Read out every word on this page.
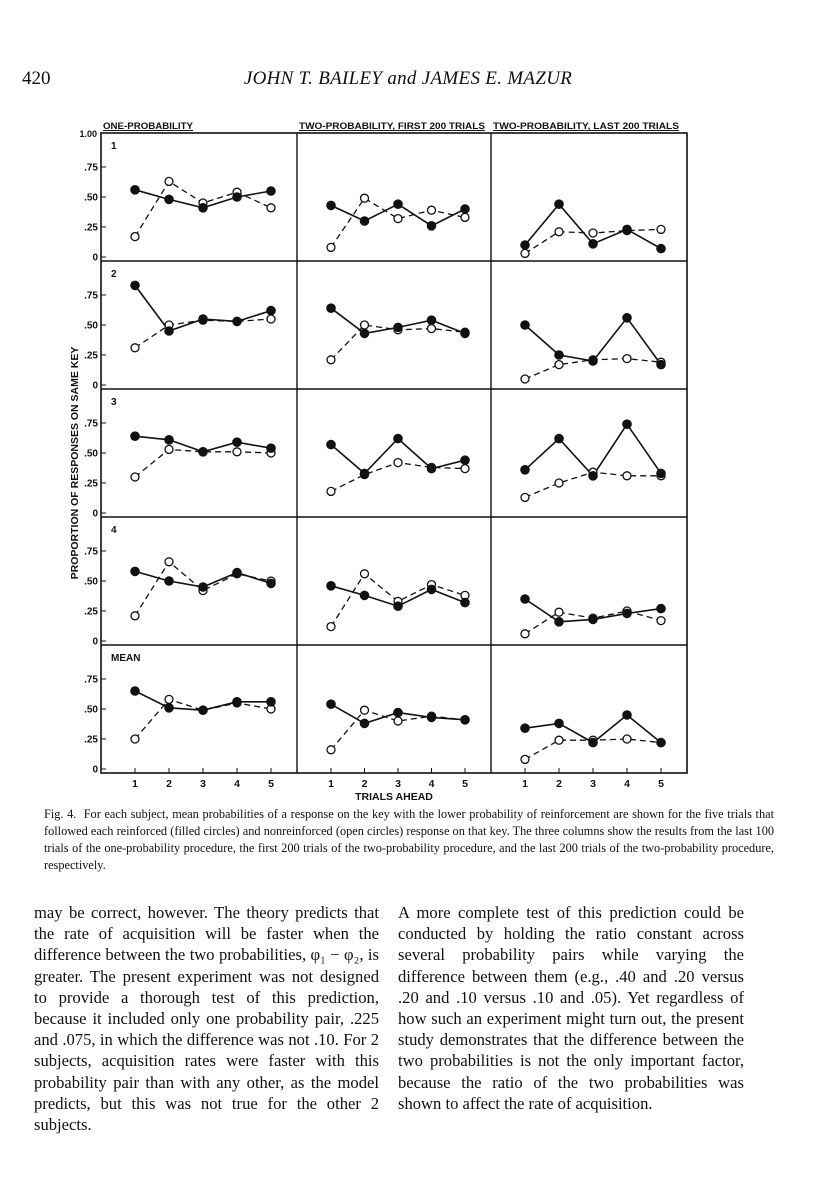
420	JOHN T. BAILEY and JAMES E. MAZUR
ONE-PROBABILITY	TWO-PROBABILITY, FIRST 200 TRIALS TWO-PROBABILITY, LAST 200 TRIALS
0
.25
.50
.75
1
0
.25
.50
.75
2
0
.25
.50
.75
3
0
.25
.50
.75
4
0
.25
.50
.75
MEAN
1.00
PROPORTION OF RESPONSES ON SAME KEY
1	2	3	4	5	1	2	3	4	5	1	2	3	4	5
TRIALS AHEAD
Fig. 4. For each subject, mean probabilities of a response on the key with the lower probability of reinforcement are shown for the five trials that followed each reinforced (filled circles) and nonreinforced (open circles) response on that key. The three columns show the results from the last 100 trials of the one-probability procedure, the first 200 trials of the two-probability procedure, and the last 200 trials of the two-probability procedure, respectively.

may be correct, however. The theory predicts that the rate of acquisition will be faster when the difference between the two probabilities, φ₁ − φ₂, is greater. The present experiment was not designed to provide a thorough test of this prediction, because it included only one probability pair, .225 and .075, in which the difference was not .10. For 2 subjects, acquisition rates were faster with this probability pair than with any other, as the model predicts, but this was not true for the other 2 subjects.

A more complete test of this prediction could be conducted by holding the ratio constant across several probability pairs while varying the difference between them (e.g., .40 and .20 versus .20 and .10 versus .10 and .05). Yet regardless of how such an experiment might turn out, the present study demonstrates that the difference between the two probabilities is not the only important factor, because the ratio of the two probabilities was shown to affect the rate of acquisition.
